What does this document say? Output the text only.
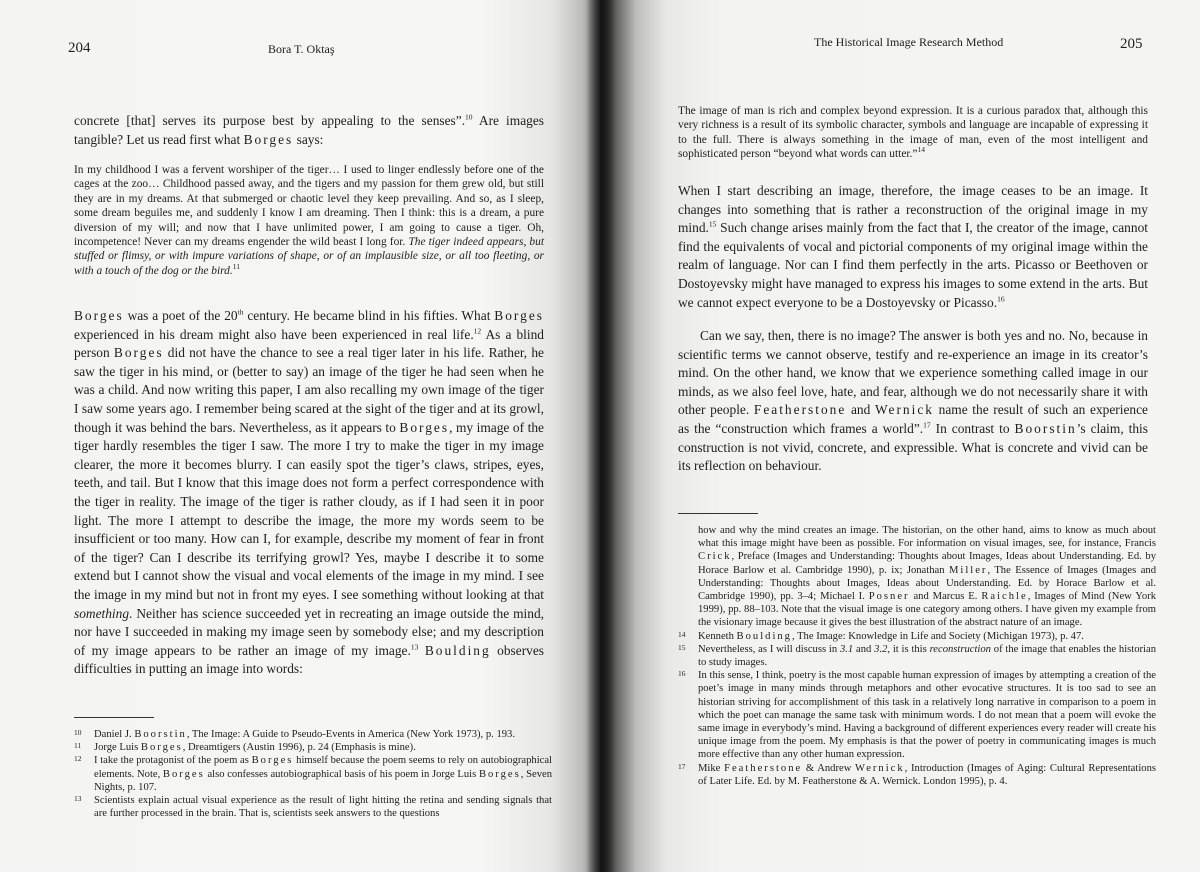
204	Bora T. Oktaş

concrete [that] serves its purpose best by appealing to the senses”.$^{10}$ Are images tangible? Let us read first what Borges says:

In my childhood I was a fervent worshiper of the tiger… I used to linger endlessly before one of the cages at the zoo… Childhood passed away, and the tigers and my passion for them grew old, but still they are in my dreams. At that submerged or chaotic level they keep prevailing. And so, as I sleep, some dream beguiles me, and suddenly I know I am dreaming. Then I think: this is a dream, a pure diversion of my will; and now that I have unlimited power, I am going to cause a tiger. Oh, incompetence! Never can my dreams engender the wild beast I long for. The tiger indeed appears, but stuffed or flimsy, or with impure variations of shape, or of an implausible size, or all too fleeting, or with a touch of the dog or the bird.$^{11}$

Borges was a poet of the 20th century. He became blind in his fifties. What Borges experienced in his dream might also have been experienced in real life.$^{12}$ As a blind person Borges did not have the chance to see a real tiger later in his life. Rather, he saw the tiger in his mind, or (better to say) an image of the tiger he had seen when he was a child. And now writing this paper, I am also recalling my own image of the tiger I saw some years ago. I remember being scared at the sight of the tiger and at its growl, though it was behind the bars. Nevertheless, as it appears to Borges, my image of the tiger hardly resembles the tiger I saw. The more I try to make the tiger in my image clearer, the more it becomes blurry. I can easily spot the tiger’s claws, stripes, eyes, teeth, and tail. But I know that this image does not form a perfect correspondence with the tiger in reality. The image of the tiger is rather cloudy, as if I had seen it in poor light. The more I attempt to describe the image, the more my words seem to be insufficient or too many. How can I, for example, describe my moment of fear in front of the tiger? Can I describe its terrifying growl? Yes, maybe I describe it to some extend but I cannot show the visual and vocal elements of the image in my mind. I see the image in my mind but not in front my eyes. I see something without looking at that something. Neither has science succeeded yet in recreating an image outside the mind, nor have I succeeded in making my image seen by somebody else; and my description of my image appears to be rather an image of my image.$^{13}$ Boulding observes difficulties in putting an image into words:

10 Daniel J. Boorstin, The Image: A Guide to Pseudo-Events in America (New York 1973), p. 193.
11 Jorge Luis Borges, Dreamtigers (Austin 1996), p. 24 (Emphasis is mine).
12 I take the protagonist of the poem as Borges himself because the poem seems to rely on autobiographical elements. Note, Borges also confesses autobiographical basis of his poem in Jorge Luis Borges, Seven Nights, p. 107.
13 Scientists explain actual visual experience as the result of light hitting the retina and sending signals that are further processed in the brain. That is, scientists seek answers to the questions
The Historical Image Research Method	205

The image of man is rich and complex beyond expression. It is a curious paradox that, although this very richness is a result of its symbolic character, symbols and language are incapable of expressing it to the full. There is always something in the image of man, even of the most intelligent and sophisticated person “beyond what words can utter.”$^{14}$

When I start describing an image, therefore, the image ceases to be an image. It changes into something that is rather a reconstruction of the original image in my mind.$^{15}$ Such change arises mainly from the fact that I, the creator of the image, cannot find the equivalents of vocal and pictorial components of my original image within the realm of language. Nor can I find them perfectly in the arts. Picasso or Beethoven or Dostoyevsky might have managed to express his images to some extend in the arts. But we cannot expect everyone to be a Dostoyevsky or Picasso.$^{16}$

Can we say, then, there is no image? The answer is both yes and no. No, because in scientific terms we cannot observe, testify and re-experience an image in its creator’s mind. On the other hand, we know that we experience something called image in our minds, as we also feel love, hate, and fear, although we do not necessarily share it with other people. Featherstone and Wernick name the result of such an experience as the “construction which frames a world”.$^{17}$ In contrast to Boorstin’s claim, this construction is not vivid, concrete, and expressible. What is concrete and vivid can be its reflection on behaviour.

how and why the mind creates an image. The historian, on the other hand, aims to know as much about what this image might have been as possible. For information on visual images, see, for instance, Francis Crick, Preface (Images and Understanding: Thoughts about Images, Ideas about Understanding. Ed. by Horace Barlow et al. Cambridge 1990), p. ix; Jonathan Miller, The Essence of Images (Images and Understanding: Thoughts about Images, Ideas about Understanding. Ed. by Horace Barlow et al. Cambridge 1990), pp. 3–4; Michael I. Posner and Marcus E. Raichle, Images of Mind (New York 1999), pp. 88–103. Note that the visual image is one category among others. I have given my example from the visionary image because it gives the best illustration of the abstract nature of an image.
14 Kenneth Boulding, The Image: Knowledge in Life and Society (Michigan 1973), p. 47.
15 Nevertheless, as I will discuss in 3.1 and 3.2, it is this reconstruction of the image that enables the historian to study images.
16 In this sense, I think, poetry is the most capable human expression of images by attempting a creation of the poet’s image in many minds through metaphors and other evocative structures. It is too sad to see an historian striving for accomplishment of this task in a relatively long narrative in comparison to a poem in which the poet can manage the same task with minimum words. I do not mean that a poem will evoke the same image in everybody’s mind. Having a background of different experiences every reader will create his unique image from the poem. My emphasis is that the power of poetry in communicating images is much more effective than any other human expression.
17 Mike Featherstone & Andrew Wernick, Introduction (Images of Aging: Cultural Representations of Later Life. Ed. by M. Featherstone & A. Wernick. London 1995), p. 4.
